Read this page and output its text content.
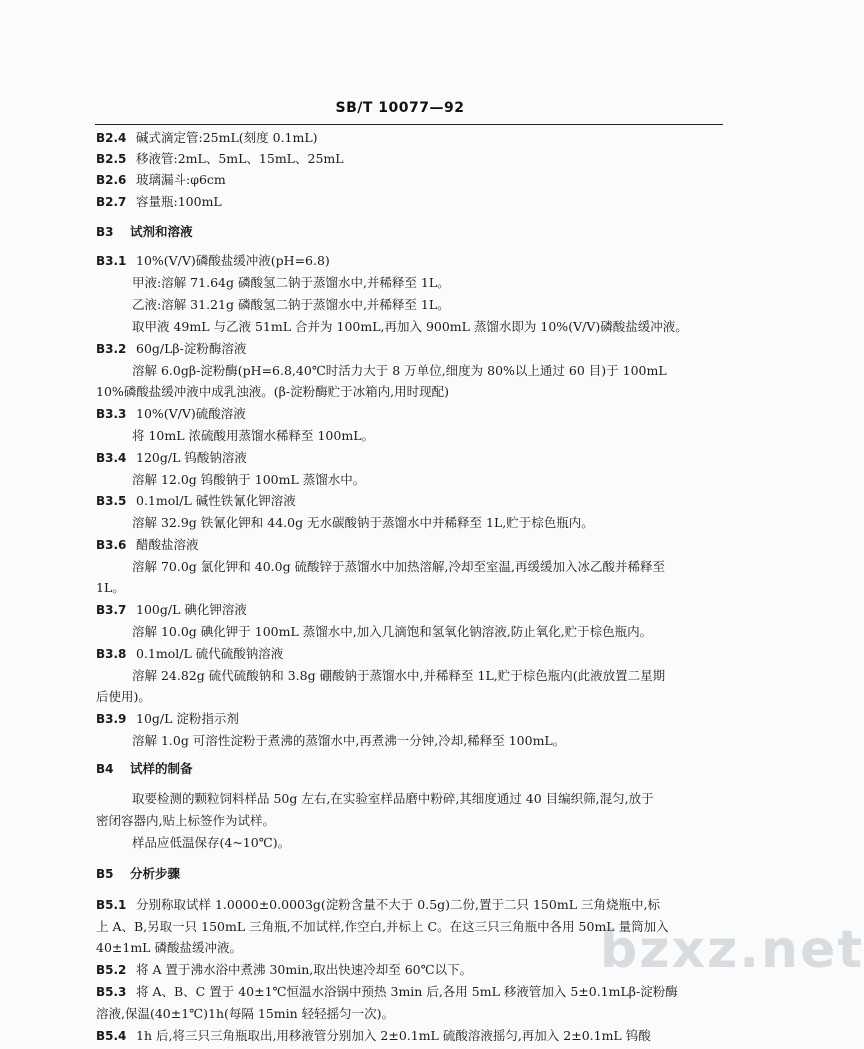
SB/T 10077—92
B2.4 碱式滴定管:25mL(刻度 0.1mL)
B2.5 移液管:2mL、5mL、15mL、25mL
B2.6 玻璃漏斗:φ6cm
B2.7 容量瓶:100mL
B3 试剂和溶液
B3.1 10%(V/V)磷酸盐缓冲液(pH=6.8)
甲液:溶解 71.64g 磷酸氢二钠于蒸馏水中,并稀释至 1L。
乙液:溶解 31.21g 磷酸氢二钠于蒸馏水中,并稀释至 1L。
取甲液 49mL 与乙液 51mL 合并为 100mL,再加入 900mL 蒸馏水即为 10%(V/V)磷酸盐缓冲液。
B3.2 60g/Lβ-淀粉酶溶液
溶解 6.0gβ-淀粉酶(pH=6.8,40℃时活力大于 8 万单位,细度为 80%以上通过 60 目)于 100mL
10%磷酸盐缓冲液中成乳浊液。(β-淀粉酶贮于冰箱内,用时现配)
B3.3 10%(V/V)硫酸溶液
将 10mL 浓硫酸用蒸馏水稀释至 100mL。
B3.4 120g/L 钨酸钠溶液
溶解 12.0g 钨酸钠于 100mL 蒸馏水中。
B3.5 0.1mol/L 碱性铁氰化钾溶液
溶解 32.9g 铁氰化钾和 44.0g 无水碳酸钠于蒸馏水中并稀释至 1L,贮于棕色瓶内。
B3.6 醋酸盐溶液
溶解 70.0g 氯化钾和 40.0g 硫酸锌于蒸馏水中加热溶解,冷却至室温,再缓缓加入冰乙酸并稀释至
1L。
B3.7 100g/L 碘化钾溶液
溶解 10.0g 碘化钾于 100mL 蒸馏水中,加入几滴饱和氢氧化钠溶液,防止氧化,贮于棕色瓶内。
B3.8 0.1mol/L 硫代硫酸钠溶液
溶解 24.82g 硫代硫酸钠和 3.8g 硼酸钠于蒸馏水中,并稀释至 1L,贮于棕色瓶内(此液放置二星期
后使用)。
B3.9 10g/L 淀粉指示剂
溶解 1.0g 可溶性淀粉于煮沸的蒸馏水中,再煮沸一分钟,冷却,稀释至 100mL。
B4 试样的制备
取要检测的颗粒饲料样品 50g 左右,在实验室样品磨中粉碎,其细度通过 40 目编织筛,混匀,放于
密闭容器内,贴上标签作为试样。
样品应低温保存(4~10℃)。
B5 分析步骤
B5.1 分别称取试样 1.0000±0.0003g(淀粉含量不大于 0.5g)二份,置于二只 150mL 三角烧瓶中,标
上 A、B,另取一只 150mL 三角瓶,不加试样,作空白,并标上 C。在这三只三角瓶中各用 50mL 量筒加入
40±1mL 磷酸盐缓冲液。
B5.2 将 A 置于沸水浴中煮沸 30min,取出快速冷却至 60℃以下。
B5.3 将 A、B、C 置于 40±1℃恒温水浴锅中预热 3min 后,各用 5mL 移液管加入 5±0.1mLβ-淀粉酶
溶液,保温(40±1℃)1h(每隔 15min 轻轻摇匀一次)。
B5.4 1h 后,将三只三角瓶取出,用移液管分别加入 2±0.1mL 硫酸溶液摇匀,再加入 2±0.1mL 钨酸
bzxz.net
